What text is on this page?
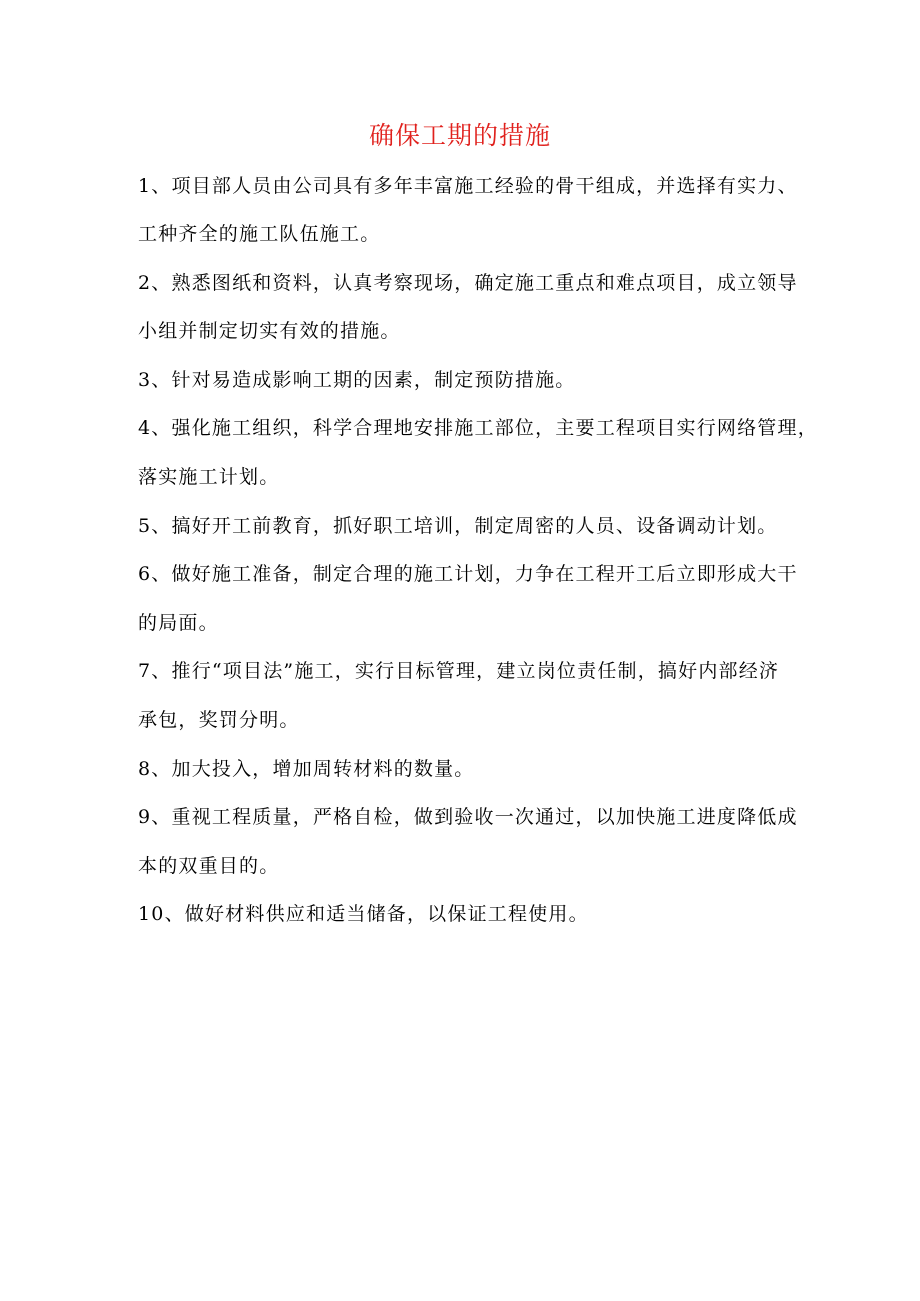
确保工期的措施
1、项目部人员由公司具有多年丰富施工经验的骨干组成，并选择有实力、
工种齐全的施工队伍施工。
2、熟悉图纸和资料，认真考察现场，确定施工重点和难点项目，成立领导
小组并制定切实有效的措施。
3、针对易造成影响工期的因素，制定预防措施。
4、强化施工组织，科学合理地安排施工部位，主要工程项目实行网络管理，
落实施工计划。
5、搞好开工前教育，抓好职工培训，制定周密的人员、设备调动计划。
6、做好施工准备，制定合理的施工计划，力争在工程开工后立即形成大干
的局面。
7、推行“项目法”施工，实行目标管理，建立岗位责任制，搞好内部经济
承包，奖罚分明。
8、加大投入，增加周转材料的数量。
9、重视工程质量，严格自检，做到验收一次通过，以加快施工进度降低成
本的双重目的。
10、做好材料供应和适当储备，以保证工程使用。
